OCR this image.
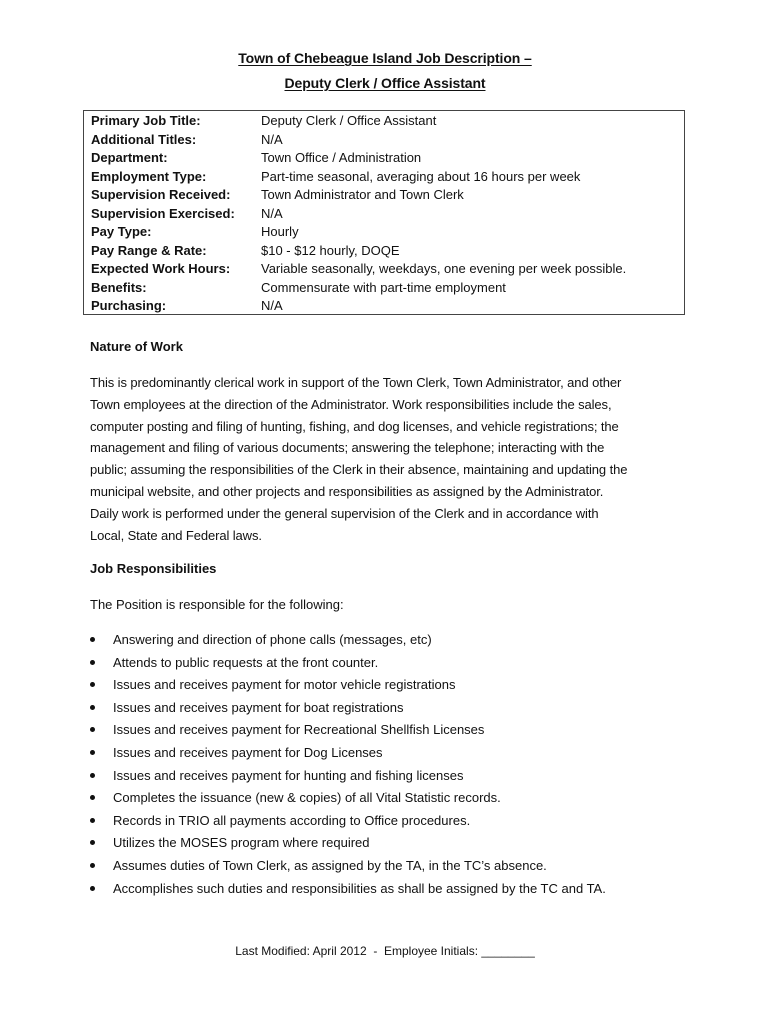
Town of Chebeague Island Job Description –
Deputy Clerk / Office Assistant
Primary Job Title:	Deputy Clerk / Office Assistant
Additional Titles:	N/A
Department:	Town Office / Administration
Employment Type:	Part-time seasonal, averaging about 16 hours per week
Supervision Received: Town Administrator and Town Clerk
Supervision Exercised: N/A
Pay Type:	Hourly
Pay Range & Rate:	$10 - $12 hourly, DOQE
Expected Work Hours: Variable seasonally, weekdays, one evening per week possible.
Benefits:	Commensurate with part-time employment
Purchasing:	N/A
Nature of Work
This is predominantly clerical work in support of the Town Clerk, Town Administrator, and other
Town employees at the direction of the Administrator. Work responsibilities include the sales,
computer posting and filing of hunting, fishing, and dog licenses, and vehicle registrations; the
management and filing of various documents; answering the telephone; interacting with the
public; assuming the responsibilities of the Clerk in their absence, maintaining and updating the
municipal website, and other projects and responsibilities as assigned by the Administrator.
Daily work is performed under the general supervision of the Clerk and in accordance with
Local, State and Federal laws.
Job Responsibilities
The Position is responsible for the following:
Answering and direction of phone calls (messages, etc)
Attends to public requests at the front counter.
Issues and receives payment for motor vehicle registrations
Issues and receives payment for boat registrations
Issues and receives payment for Recreational Shellfish Licenses
Issues and receives payment for Dog Licenses
Issues and receives payment for hunting and fishing licenses
Completes the issuance (new & copies) of all Vital Statistic records.
Records in TRIO all payments according to Office procedures.
Utilizes the MOSES program where required
Assumes duties of Town Clerk, as assigned by the TA, in the TC’s absence.
Accomplishes such duties and responsibilities as shall be assigned by the TC and TA.
Last Modified: April 2012  -  Employee Initials: ________
